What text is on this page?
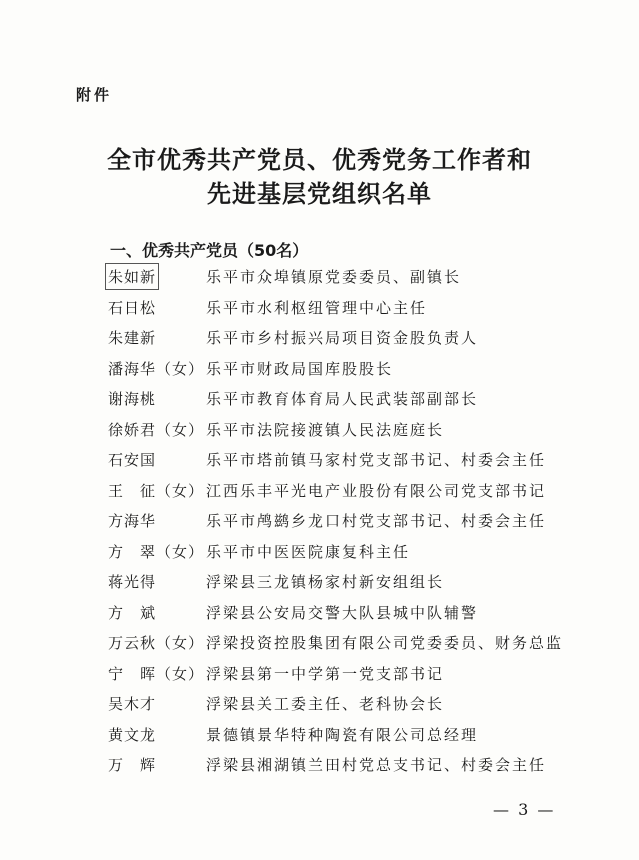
附件
全市优秀共产党员、优秀党务工作者和
先进基层党组织名单
一、优秀共产党员（50名）
朱如新	乐平市众埠镇原党委委员、副镇长
石日松	乐平市水利枢纽管理中心主任
朱建新	乐平市乡村振兴局项目资金股负责人
潘海华（女） 乐平市财政局国库股股长
谢海桃	乐平市教育体育局人民武装部副部长
徐娇君（女） 乐平市法院接渡镇人民法庭庭长
石安国	乐平市塔前镇马家村党支部书记、村委会主任
王　征（女） 江西乐丰平光电产业股份有限公司党支部书记
方海华	乐平市鸬鹚乡龙口村党支部书记、村委会主任
方　翠（女） 乐平市中医医院康复科主任
蒋光得	浮梁县三龙镇杨家村新安组组长
方　斌	浮梁县公安局交警大队县城中队辅警
万云秋（女） 浮梁投资控股集团有限公司党委委员、财务总监
宁　晖（女） 浮梁县第一中学第一党支部书记
吴木才	浮梁县关工委主任、老科协会长
黄文龙	景德镇景华特种陶瓷有限公司总经理
万　辉	浮梁县湘湖镇兰田村党总支书记、村委会主任
— 3 —
